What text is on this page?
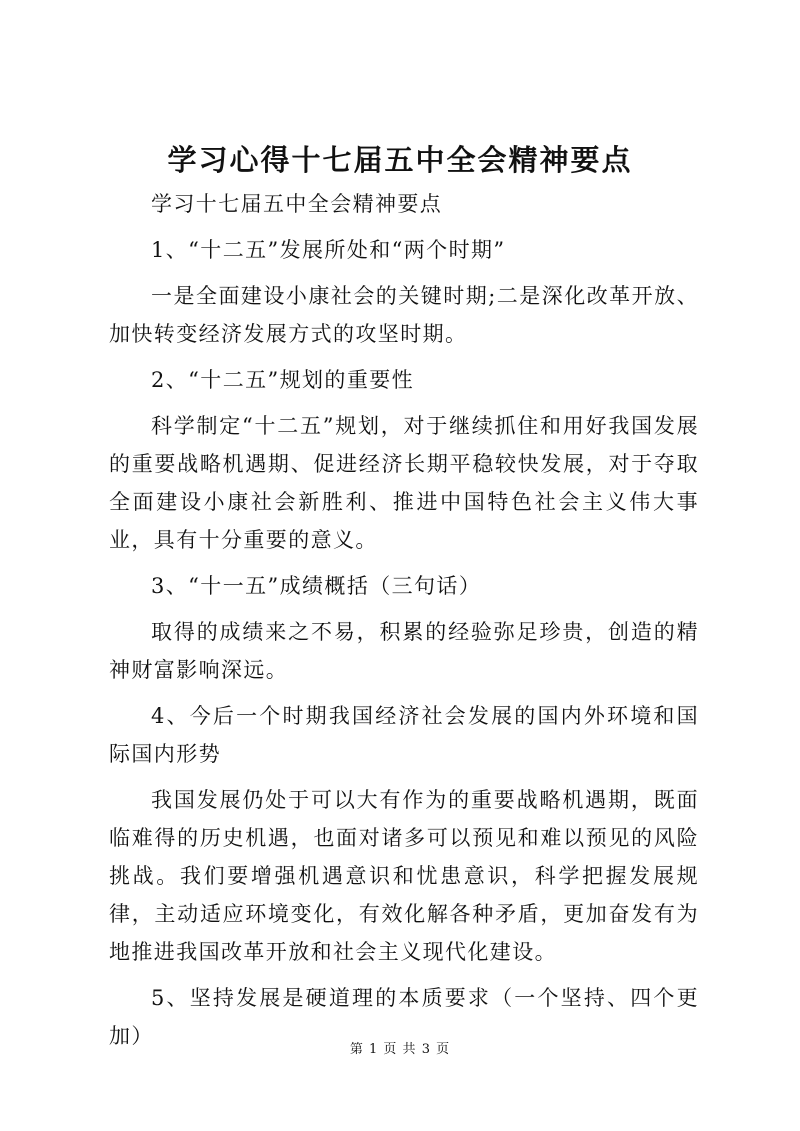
学习心得十七届五中全会精神要点

学习十七届五中全会精神要点

1、“十二五”发展所处和“两个时期”

一是全面建设小康社会的关键时期;二是深化改革开放、加快转变经济发展方式的攻坚时期。

2、“十二五”规划的重要性

科学制定“十二五”规划，对于继续抓住和用好我国发展的重要战略机遇期、促进经济长期平稳较快发展，对于夺取全面建设小康社会新胜利、推进中国特色社会主义伟大事业，具有十分重要的意义。

3、“十一五”成绩概括（三句话）

取得的成绩来之不易，积累的经验弥足珍贵，创造的精神财富影响深远。

4、今后一个时期我国经济社会发展的国内外环境和国际国内形势

我国发展仍处于可以大有作为的重要战略机遇期，既面临难得的历史机遇，也面对诸多可以预见和难以预见的风险挑战。我们要增强机遇意识和忧患意识，科学把握发展规律，主动适应环境变化，有效化解各种矛盾，更加奋发有为地推进我国改革开放和社会主义现代化建设。

5、坚持发展是硬道理的本质要求（一个坚持、四个更加）

第 1 页 共 3 页
